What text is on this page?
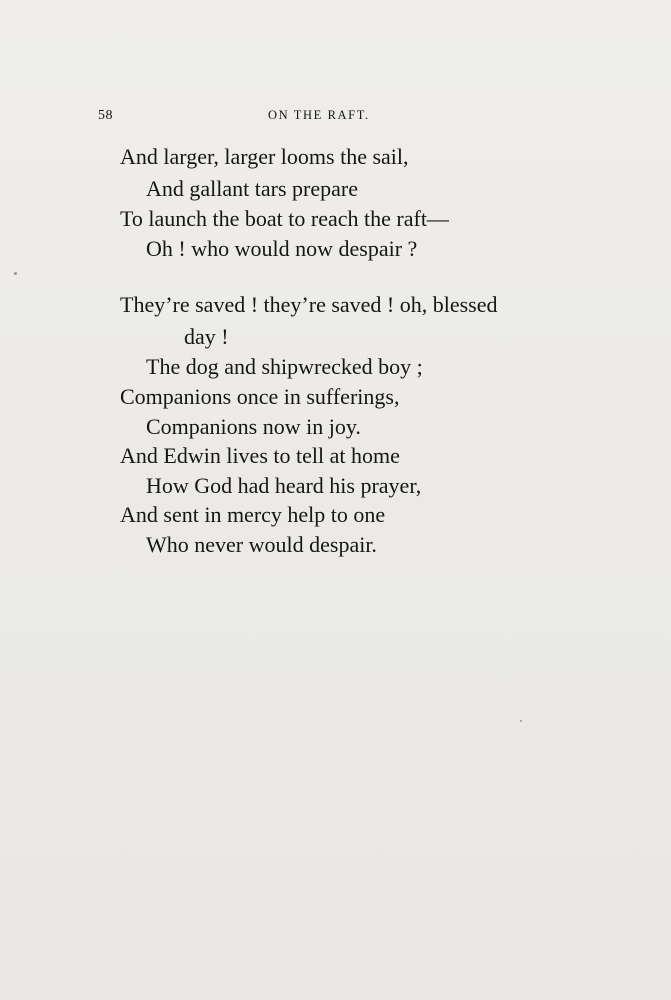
58	ON THE RAFT.
And larger, larger looms the sail,
And gallant tars prepare
To launch the boat to reach the raft—
Oh ! who would now despair ?
They’re saved ! they’re saved ! oh, blessed
day !
The dog and shipwrecked boy ;
Companions once in sufferings,
Companions now in joy.
And Edwin lives to tell at home
How God had heard his prayer,
And sent in mercy help to one
Who never would despair.
